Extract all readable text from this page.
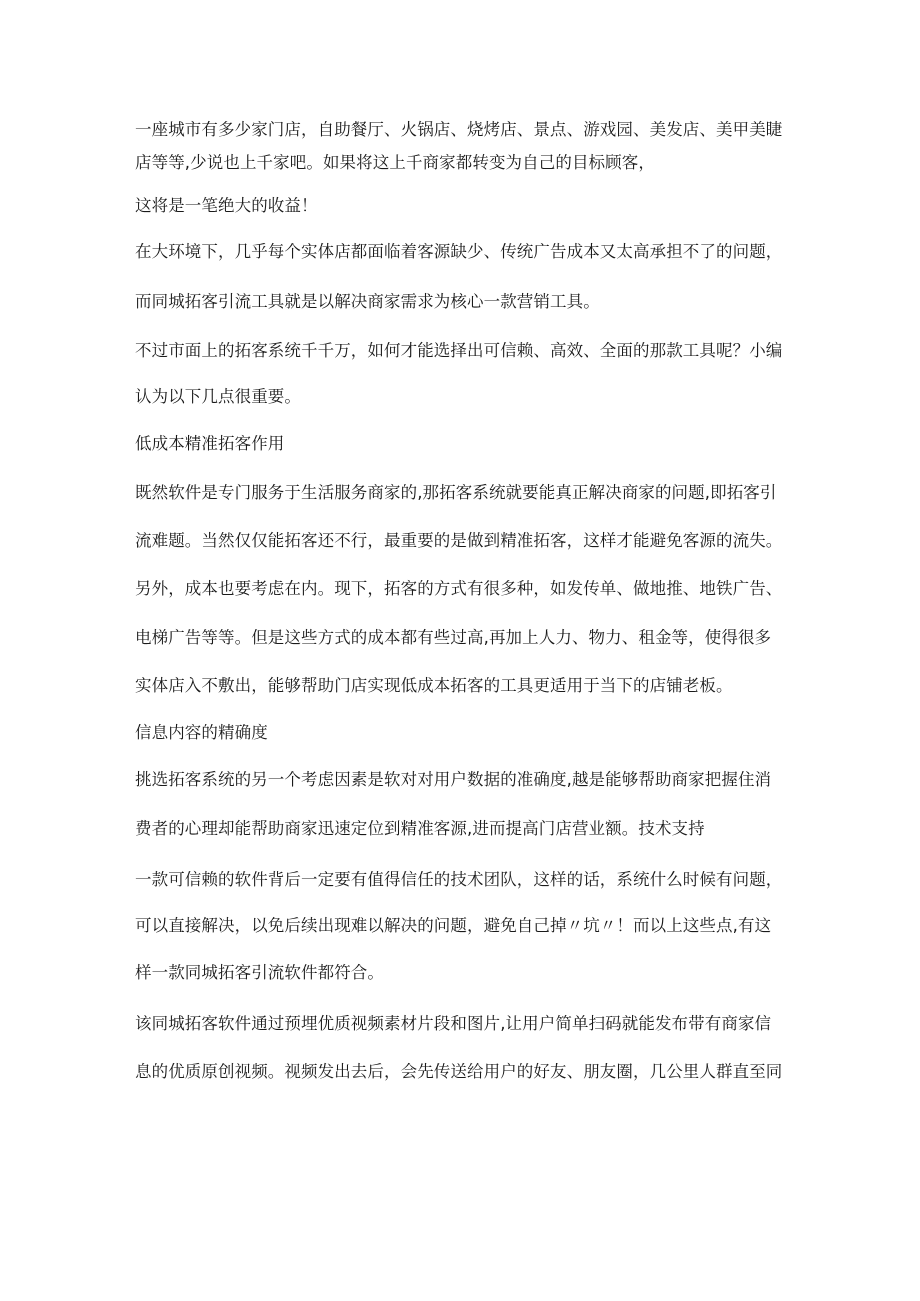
一座城市有多少家门店，自助餐厅、火锅店、烧烤店、景点、游戏园、美发店、美甲美睫
店等等,少说也上千家吧。如果将这上千商家都转变为自己的目标顾客，
这将是一笔绝大的收益！
在大环境下，几乎每个实体店都面临着客源缺少、传统广告成本又太高承担不了的问题，
而同城拓客引流工具就是以解决商家需求为核心一款营销工具。
不过市面上的拓客系统千千万，如何才能选择出可信赖、高效、全面的那款工具呢？小编
认为以下几点很重要。
低成本精准拓客作用
既然软件是专门服务于生活服务商家的,那拓客系统就要能真正解决商家的问题,即拓客引
流难题。当然仅仅能拓客还不行，最重要的是做到精准拓客，这样才能避免客源的流失。
另外，成本也要考虑在内。现下，拓客的方式有很多种，如发传单、做地推、地铁广告、
电梯广告等等。但是这些方式的成本都有些过高,再加上人力、物力、租金等，使得很多
实体店入不敷出，能够帮助门店实现低成本拓客的工具更适用于当下的店铺老板。
信息内容的精确度
挑选拓客系统的另一个考虑因素是软对对用户数据的准确度,越是能够帮助商家把握住消
费者的心理却能帮助商家迅速定位到精准客源,进而提高门店营业额。技术支持
一款可信赖的软件背后一定要有值得信任的技术团队，这样的话，系统什么时候有问题，
可以直接解决，以免后续出现难以解决的问题，避免自己掉〃坑〃！而以上这些点,有这
样一款同城拓客引流软件都符合。
该同城拓客软件通过预埋优质视频素材片段和图片,让用户简单扫码就能发布带有商家信
息的优质原创视频。视频发出去后，会先传送给用户的好友、朋友圈，几公里人群直至同
